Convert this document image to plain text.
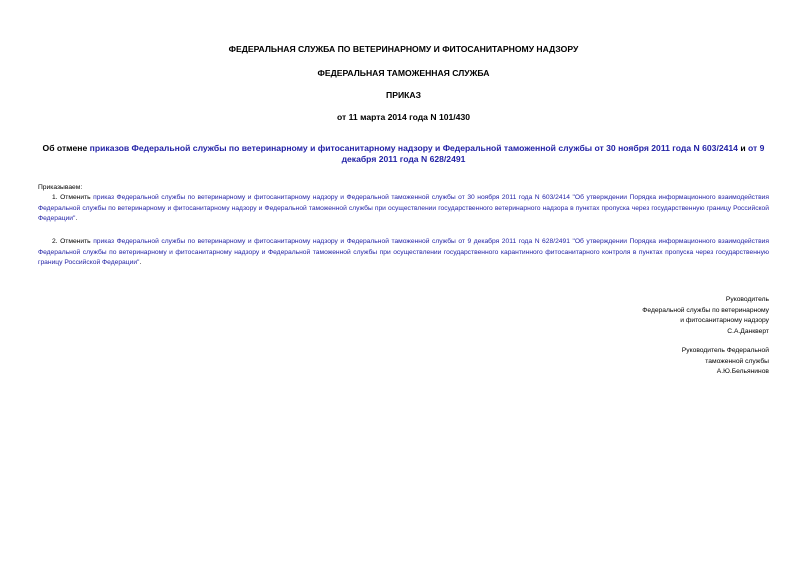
ФЕДЕРАЛЬНАЯ СЛУЖБА ПО ВЕТЕРИНАРНОМУ И ФИТОСАНИТАРНОМУ НАДЗОРУ
ФЕДЕРАЛЬНАЯ ТАМОЖЕННАЯ СЛУЖБА
ПРИКАЗ
от 11 марта 2014 года N 101/430
Об отмене приказов Федеральной службы по ветеринарному и фитосанитарному надзору и Федеральной таможенной службы от 30 ноября 2011 года N 603/2414 и от 9 декабря 2011 года N 628/2491
Приказываем:
1. Отменить приказ Федеральной службы по ветеринарному и фитосанитарному надзору и Федеральной таможенной службы от 30 ноября 2011 года N 603/2414 "Об утверждении Порядка информационного взаимодействия Федеральной службы по ветеринарному и фитосанитарному надзору и Федеральной таможенной службы при осуществлении государственного ветеринарного надзора в пунктах пропуска через государственную границу Российской Федерации".
2. Отменить приказ Федеральной службы по ветеринарному и фитосанитарному надзору и Федеральной таможенной службы от 9 декабря 2011 года N 628/2491 "Об утверждении Порядка информационного взаимодействия Федеральной службы по ветеринарному и фитосанитарному надзору и Федеральной таможенной службы при осуществлении государственного карантинного фитосанитарного контроля в пунктах пропуска через государственную границу Российской Федерации".
Руководитель
Федеральной службы по ветеринарному
и фитосанитарному надзору
С.А.Данкверт
Руководитель Федеральной
таможенной службы
А.Ю.Бельянинов
